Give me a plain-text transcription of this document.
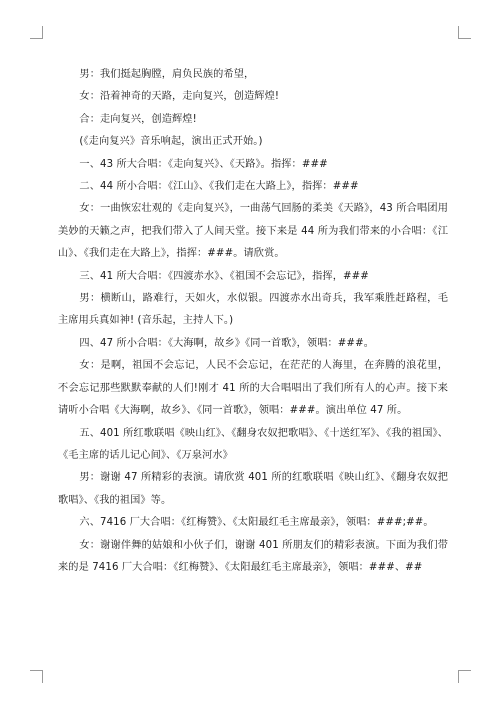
男：我们挺起胸膛，肩负民族的希望，

女：沿着神奇的天路，走向复兴，创造辉煌!

合：走向复兴，创造辉煌!

(《走向复兴》音乐响起，演出正式开始。)

一、43 所大合唱：《走向复兴》、《天路》。指挥：###

二、44 所小合唱：《江山》、《我们走在大路上》，指挥：###

女：一曲恢宏壮观的《走向复兴》，一曲荡气回肠的柔美《天路》，43 所合唱团用美妙的天籁之声，把我们带入了人间天堂。接下来是 44 所为我们带来的小合唱：《江山》、《我们走在大路上》，指挥：###。请欣赏。

三、41 所大合唱：《四渡赤水》、《祖国不会忘记》，指挥，###

男：横断山，路难行，天如火，水似银。四渡赤水出奇兵，我军乘胜赶路程，毛主席用兵真如神! (音乐起，主持人下。)

四、47 所小合唱：《大海啊，故乡》《同一首歌》，领唱：###。

女：是啊，祖国不会忘记，人民不会忘记，在茫茫的人海里，在奔腾的浪花里，不会忘记那些默默奉献的人们!刚才 41 所的大合唱唱出了我们所有人的心声。接下来请听小合唱《大海啊，故乡》、《同一首歌》，领唱：###。演出单位 47 所。

五、401 所红歌联唱《映山红》、《翻身农奴把歌唱》、《十送红军》、《我的祖国》、《毛主席的话儿记心间》、《万泉河水》

男：谢谢 47 所精彩的表演。请欣赏 401 所的红歌联唱《映山红》、《翻身农奴把歌唱》、《我的祖国》等。

六、7416 厂大合唱：《红梅赞》、《太阳最红毛主席最亲》，领唱：###;##。

女：谢谢伴舞的姑娘和小伙子们，谢谢 401 所朋友们的精彩表演。下面为我们带来的是 7416 厂大合唱：《红梅赞》、《太阳最红毛主席最亲》，领唱：###、##
